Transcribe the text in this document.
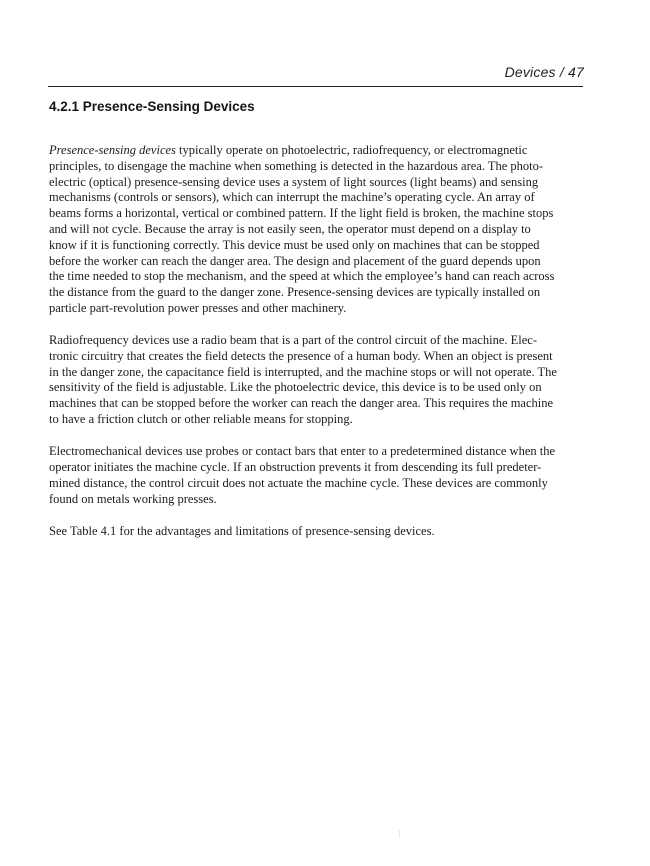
Devices / 47
4.2.1 Presence-Sensing Devices

Presence-sensing devices typically operate on photoelectric, radiofrequency, or electromagnetic
principles, to disengage the machine when something is detected in the hazardous area. The photo-
electric (optical) presence-sensing device uses a system of light sources (light beams) and sensing
mechanisms (controls or sensors), which can interrupt the machine’s operating cycle. An array of
beams forms a horizontal, vertical or combined pattern. If the light field is broken, the machine stops
and will not cycle. Because the array is not easily seen, the operator must depend on a display to
know if it is functioning correctly. This device must be used only on machines that can be stopped
before the worker can reach the danger area. The design and placement of the guard depends upon
the time needed to stop the mechanism, and the speed at which the employee’s hand can reach across
the distance from the guard to the danger zone. Presence-sensing devices are typically installed on
particle part-revolution power presses and other machinery.

Radiofrequency devices use a radio beam that is a part of the control circuit of the machine. Elec-
tronic circuitry that creates the field detects the presence of a human body. When an object is present
in the danger zone, the capacitance field is interrupted, and the machine stops or will not operate. The
sensitivity of the field is adjustable. Like the photoelectric device, this device is to be used only on
machines that can be stopped before the worker can reach the danger area. This requires the machine
to have a friction clutch or other reliable means for stopping.

Electromechanical devices use probes or contact bars that enter to a predetermined distance when the
operator initiates the machine cycle. If an obstruction prevents it from descending its full predeter-
mined distance, the control circuit does not actuate the machine cycle. These devices are commonly
found on metals working presses.

See Table 4.1 for the advantages and limitations of presence-sensing devices.
